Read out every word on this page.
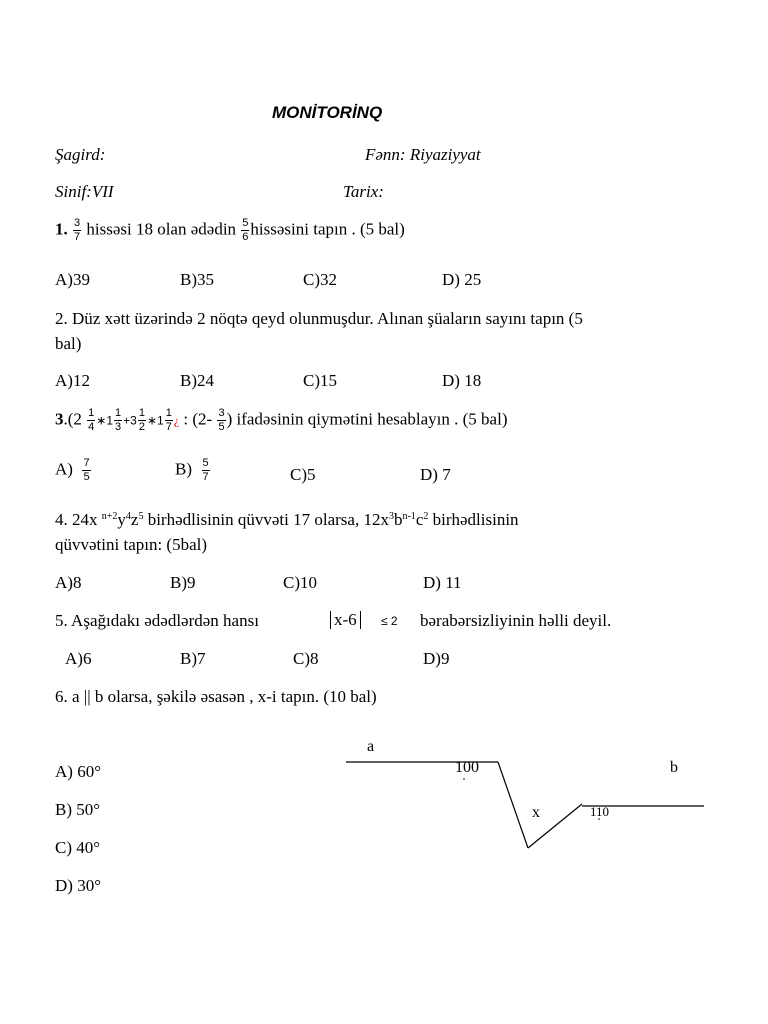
MONİTORİNQ
Şagird:	Fənn: Riyaziyyat
Sinif:VII	Tarix:
1. $\frac{3}{7}$ hissəsi 18 olan ədədin $\frac{5}{6}$ hissəsini tapın . (5 bal)
A)39	B)35	C)32	D) 25
2. Düz xətt üzərində 2 nöqtə qeyd olunmuşdur. Alınan şüaların sayını tapın (5
bal)
A)12	B)24	C)15	D) 18
$3.(2 \frac{1}{4}$ ∗1 $\frac{1}{3} +3 \frac{1}{2}$ ∗1 $\frac{1}{7}$ ¿ : ($2- \frac{3}{5}$ ) ifadəsinin qiymətini hesablayın . (5 bal)
$A) \frac{7}{5}$	$B) \frac{5}{7}$	C)5	D) 7
4. 24x $^{n+2}y^4z^5$ birhədlisinin qüvvəti 17 olarsa, $12x^3b^{n-1}c^2$ birhədlisinin
qüvvətini tapın: (5bal)
A)8	B)9	C)10	D) 11
5. Aşağıdakı ədədlərdən hansı	x-6	≤ 2 bərabərsizliyinin həlli deyil.
A)6	B)7	C)8	D)9
6. a || b olarsa, şəkilə əsasən , x-i tapın. (10 bal)
A) 60°
B) 50°
C) 40°
D) 30°
a
b
100
x	110
